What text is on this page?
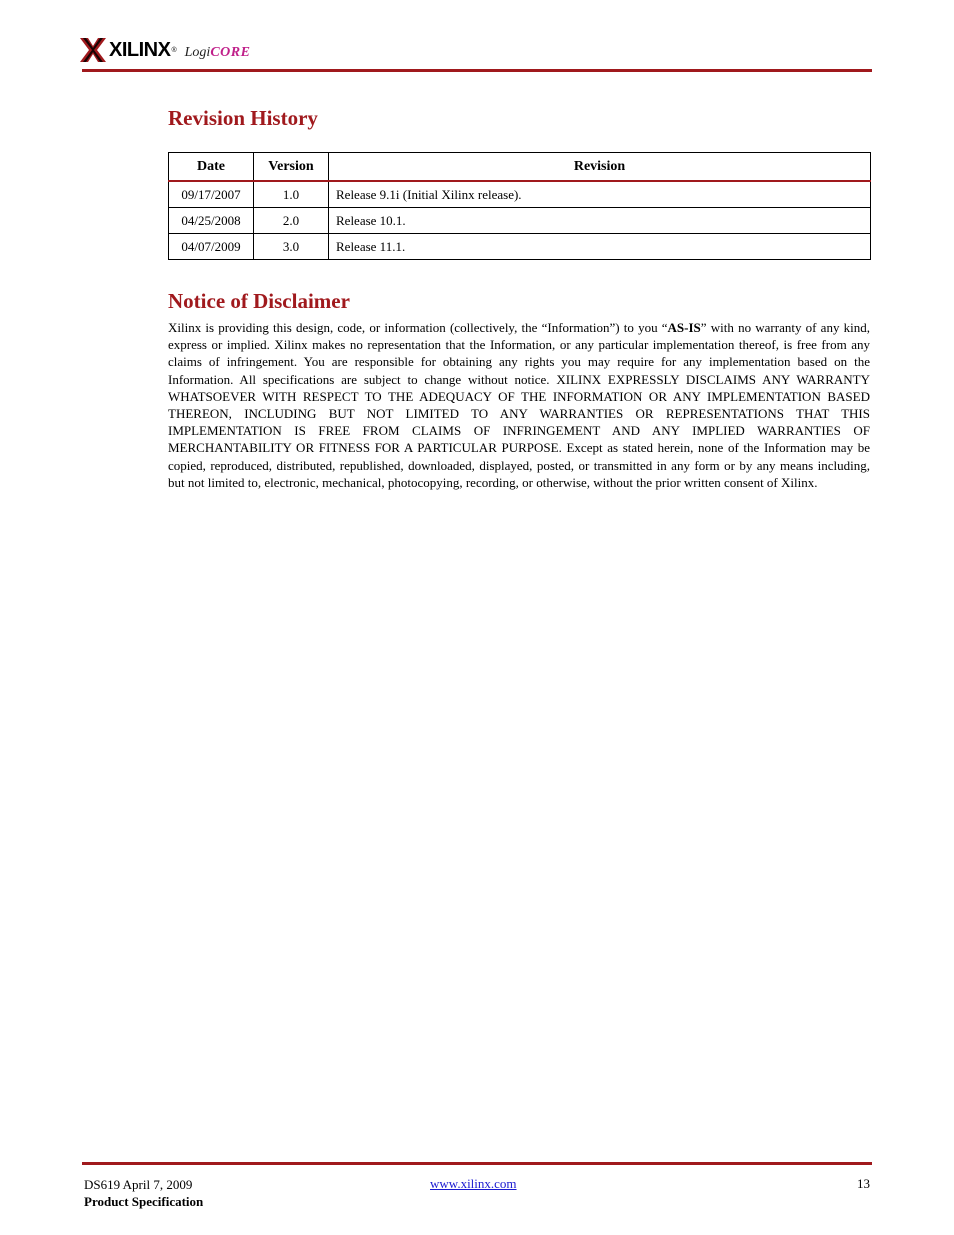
XILINX ® LogiCORE
Revision History
Date	Version	Revision
09/17/2007	1.0	Release 9.1i (Initial Xilinx release).
04/25/2008	2.0	Release 10.1.
04/07/2009	3.0	Release 11.1.
Notice of Disclaimer

Xilinx is providing this design, code, or information (collectively, the “Information”) to you “AS-IS” with no warranty of any kind, express or implied. Xilinx makes no representation that the Information, or any particular implementation thereof, is free from any claims of infringement. You are responsible for obtaining any rights you may require for any implementation based on the Information. All specifications are subject to change without notice. XILINX EXPRESSLY DISCLAIMS ANY WARRANTY WHATSOEVER WITH RESPECT TO THE ADEQUACY OF THE INFORMATION OR ANY IMPLEMENTATION BASED THEREON, INCLUDING BUT NOT LIMITED TO ANY WARRANTIES OR REPRESENTATIONS THAT THIS IMPLEMENTATION IS FREE FROM CLAIMS OF INFRINGEMENT AND ANY IMPLIED WARRANTIES OF MERCHANTABILITY OR FITNESS FOR A PARTICULAR PURPOSE. Except as stated herein, none of the Information may be copied, reproduced, distributed, republished, downloaded, displayed, posted, or transmitted in any form or by any means including, but not limited to, electronic, mechanical, photocopying, recording, or otherwise, without the prior written consent of Xilinx.

DS619 April 7, 2009
Product Specification
www.xilinx.com	13
